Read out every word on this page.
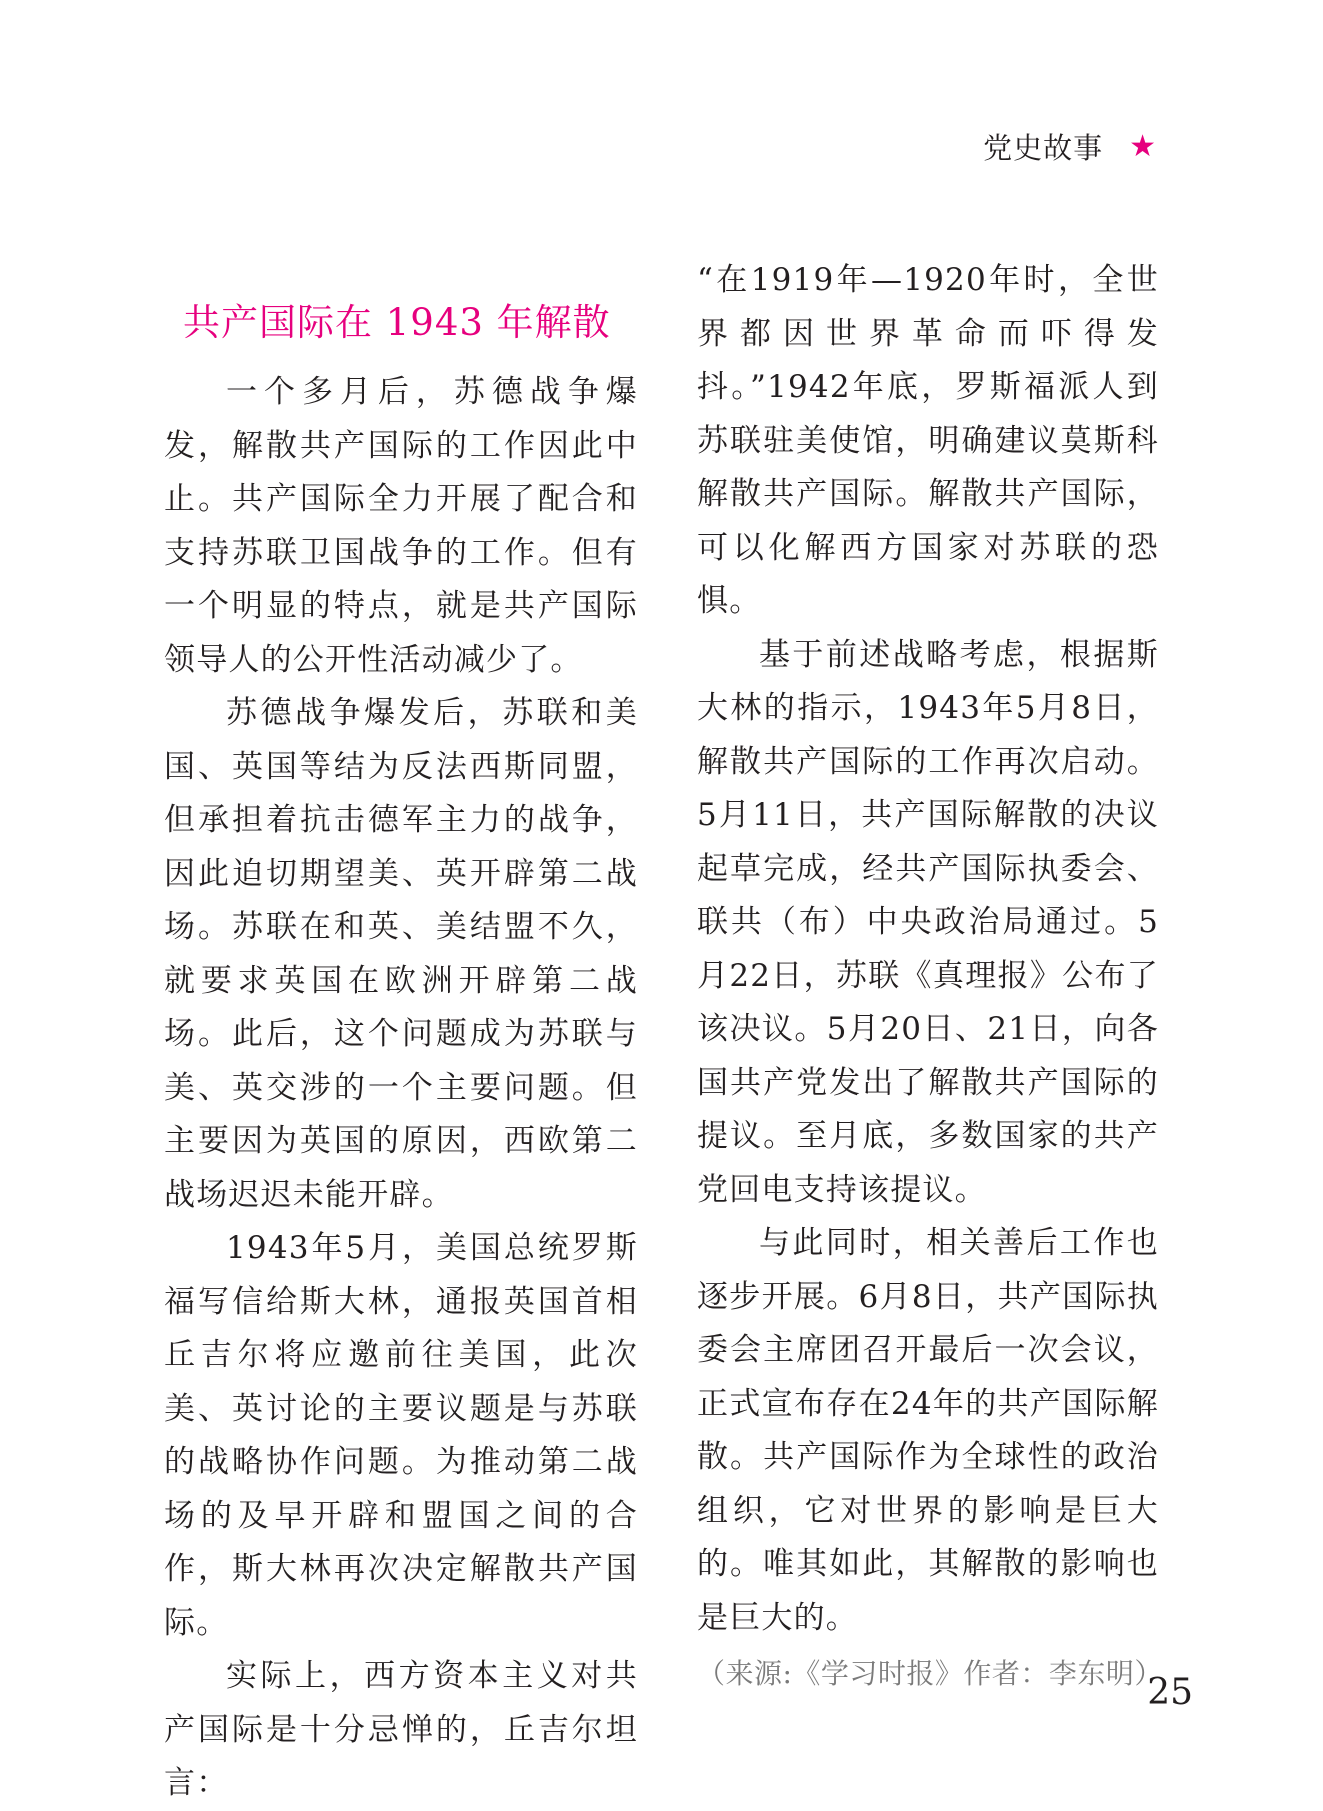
党史故事 ★
共产国际在 1943 年解散

一个多月后，苏德战争爆发，解散共产国际的工作因此中止。共产国际全力开展了配合和支持苏联卫国战争的工作。但有一个明显的特点，就是共产国际领导人的公开性活动减少了。

苏德战争爆发后，苏联和美国、英国等结为反法西斯同盟，但承担着抗击德军主力的战争，因此迫切期望美、英开辟第二战场。苏联在和英、美结盟不久，就要求英国在欧洲开辟第二战场。此后，这个问题成为苏联与美、英交涉的一个主要问题。但主要因为英国的原因，西欧第二战场迟迟未能开辟。

1943年5月，美国总统罗斯福写信给斯大林，通报英国首相丘吉尔将应邀前往美国，此次美、英讨论的主要议题是与苏联的战略协作问题。为推动第二战场的及早开辟和盟国之间的合作，斯大林再次决定解散共产国际。

实际上，西方资本主义对共产国际是十分忌惮的，丘吉尔坦言：

“在1919年—1920年时，全世界都因世界革命而吓得发抖。”1942年底，罗斯福派人到苏联驻美使馆，明确建议莫斯科解散共产国际。解散共产国际，可以化解西方国家对苏联的恐惧。

基于前述战略考虑，根据斯大林的指示，1943年5月8日，解散共产国际的工作再次启动。5月11日，共产国际解散的决议起草完成，经共产国际执委会、联共（布）中央政治局通过。5月22日，苏联《真理报》公布了该决议。5月20日、21日，向各国共产党发出了解散共产国际的提议。至月底，多数国家的共产党回电支持该提议。

与此同时，相关善后工作也逐步开展。6月8日，共产国际执委会主席团召开最后一次会议，正式宣布存在24年的共产国际解散。共产国际作为全球性的政治组织，它对世界的影响是巨大的。唯其如此，其解散的影响也是巨大的。

（来源:《学习时报》作者：李东明）

25
